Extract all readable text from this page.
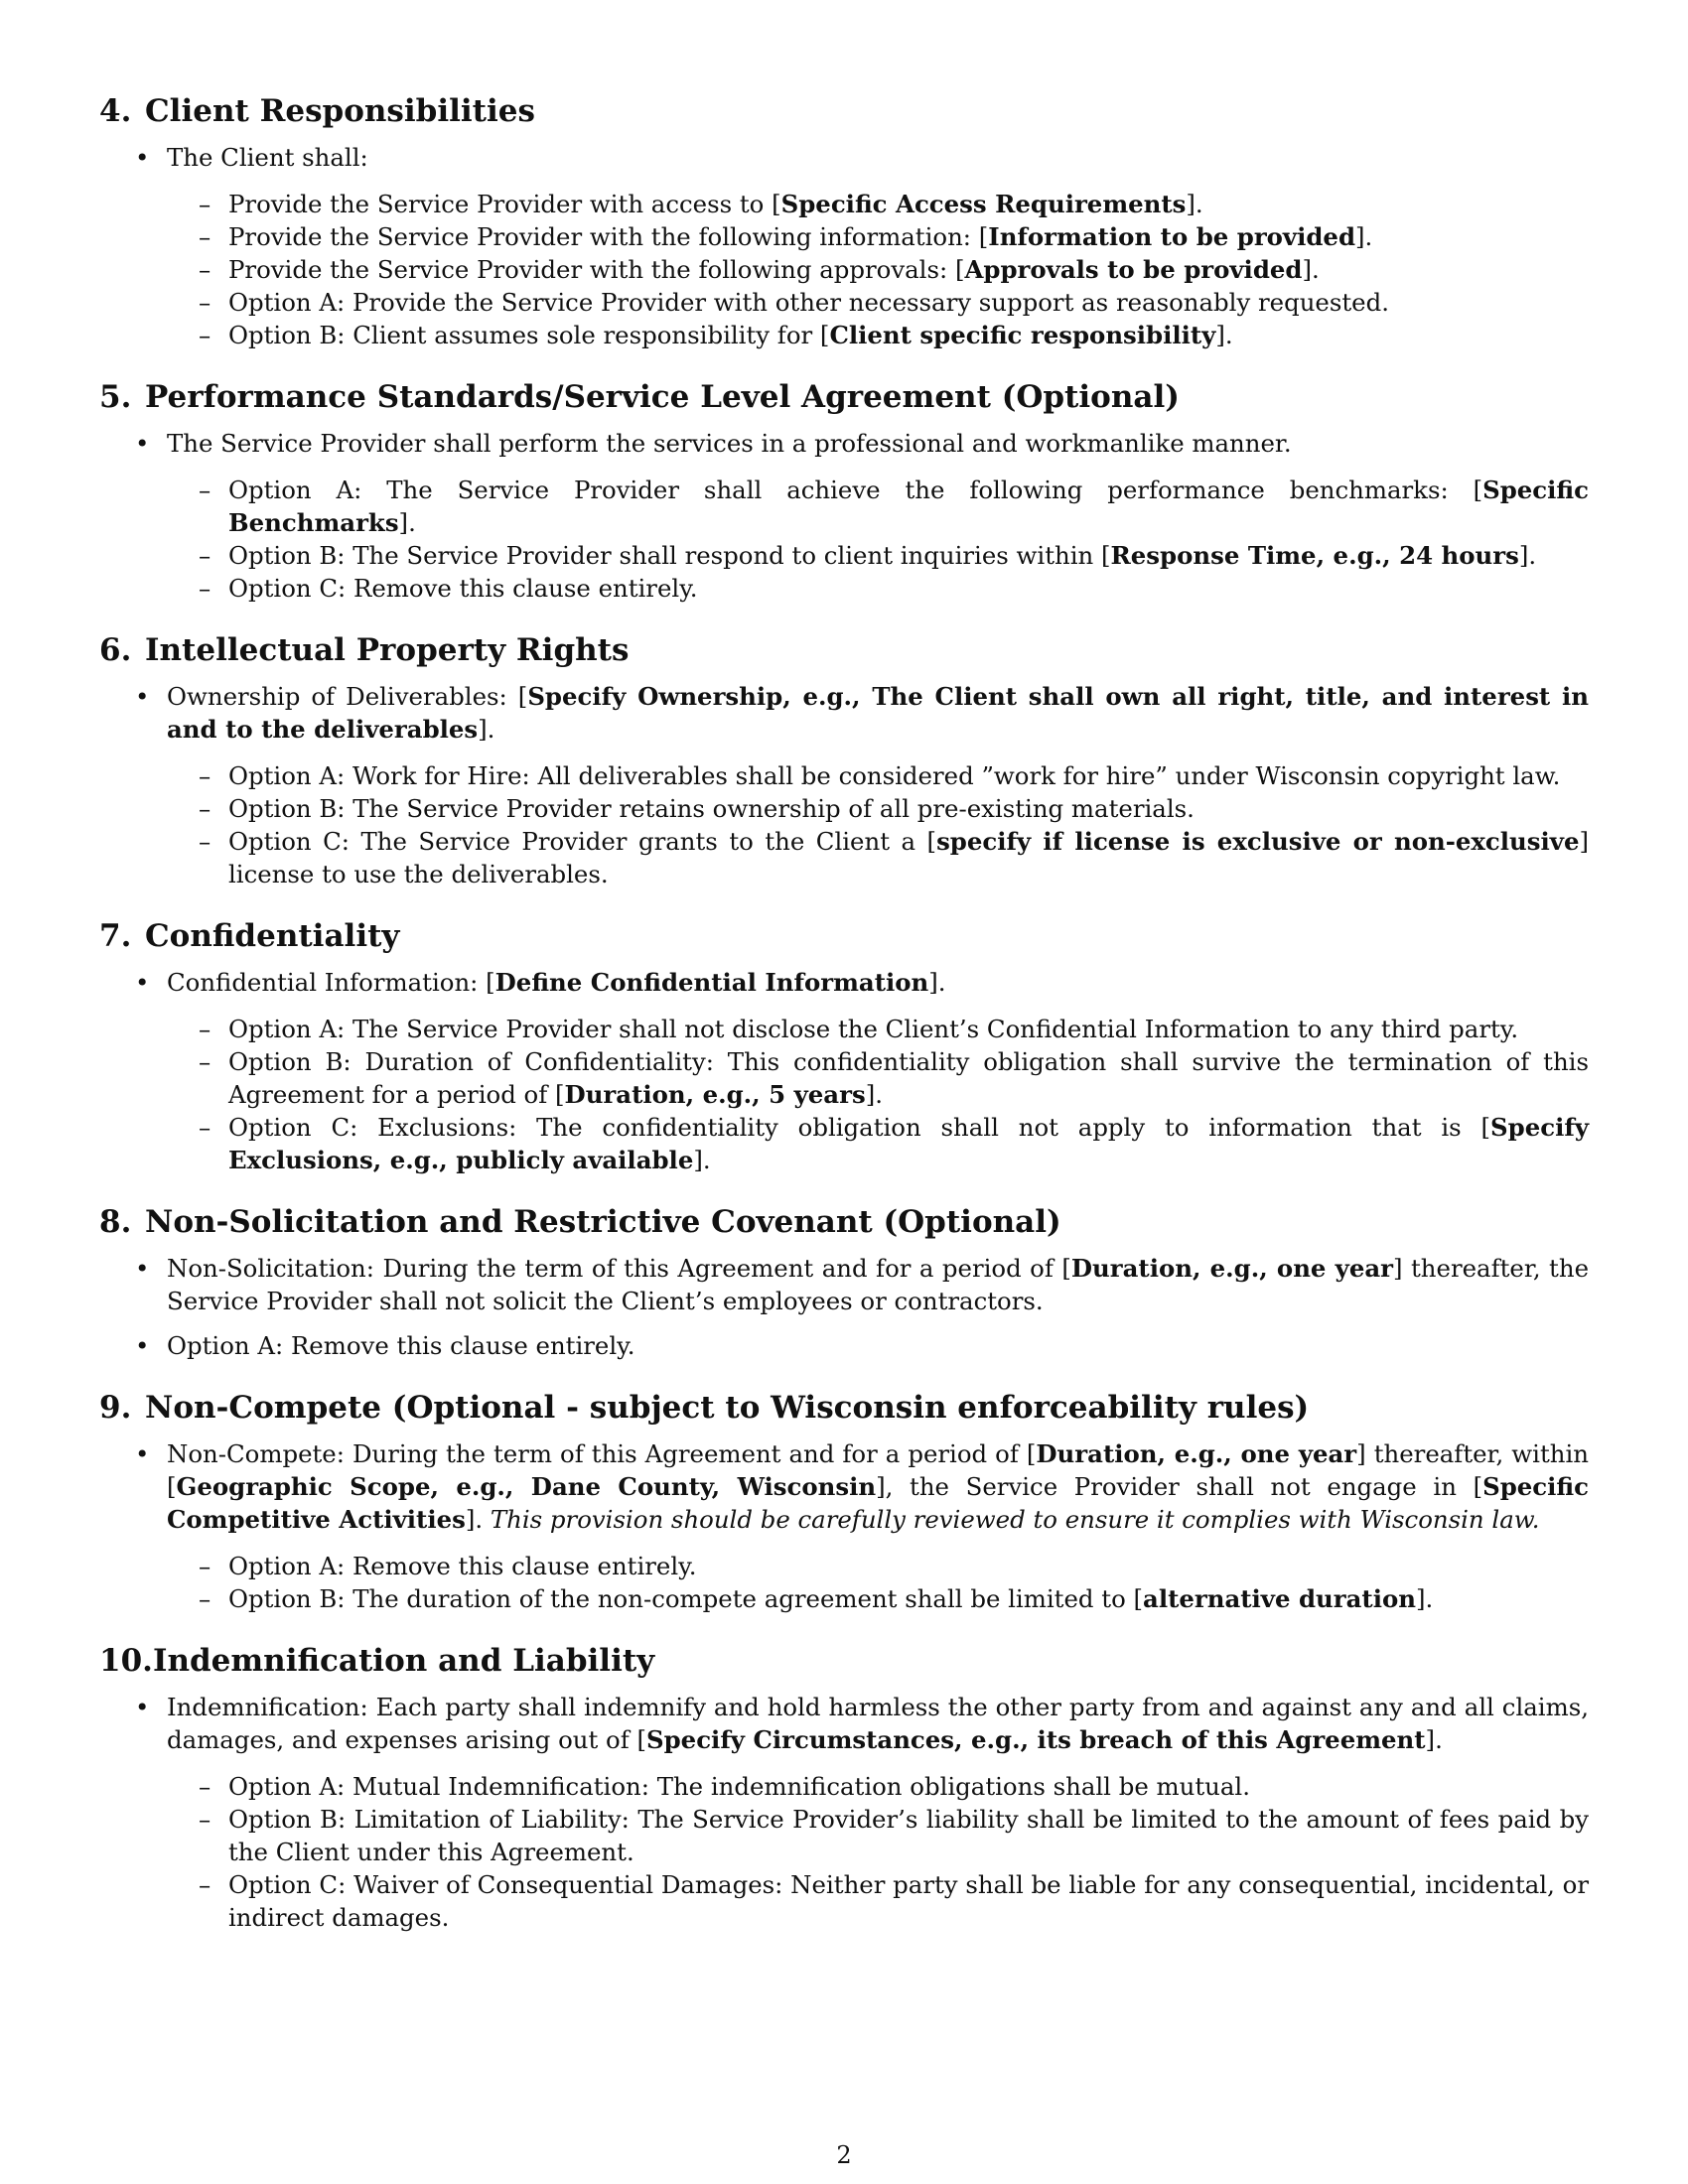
4. Client Responsibilities
• The Client shall:
– Provide the Service Provider with access to [Specific Access Requirements].
– Provide the Service Provider with the following information: [Information to be provided].
– Provide the Service Provider with the following approvals: [Approvals to be provided].
– Option A: Provide the Service Provider with other necessary support as reasonably requested.
– Option B: Client assumes sole responsibility for [Client specific responsibility].
5. Performance Standards/Service Level Agreement (Optional)
• The Service Provider shall perform the services in a professional and workmanlike manner.
– Option A: The Service Provider shall achieve the following performance benchmarks: [Specific Benchmarks].
– Option B: The Service Provider shall respond to client inquiries within [Response Time, e.g., 24 hours].
– Option C: Remove this clause entirely.
6. Intellectual Property Rights
• Ownership of Deliverables: [Specify Ownership, e.g., The Client shall own all right, title, and interest in and to the deliverables].
– Option A: Work for Hire: All deliverables shall be considered ”work for hire” under Wisconsin copyright law.
– Option B: The Service Provider retains ownership of all pre-existing materials.
– Option C: The Service Provider grants to the Client a [specify if license is exclusive or non-exclusive] license to use the deliverables.
7. Confidentiality
• Confidential Information: [Define Confidential Information].
– Option A: The Service Provider shall not disclose the Client’s Confidential Information to any third party.
– Option B: Duration of Confidentiality: This confidentiality obligation shall survive the termination of this Agreement for a period of [Duration, e.g., 5 years].
– Option C: Exclusions: The confidentiality obligation shall not apply to information that is [Specify Exclusions, e.g., publicly available].
8. Non-Solicitation and Restrictive Covenant (Optional)
• Non-Solicitation: During the term of this Agreement and for a period of [Duration, e.g., one year] thereafter, the Service Provider shall not solicit the Client’s employees or contractors.
• Option A: Remove this clause entirely.
9. Non-Compete (Optional - subject to Wisconsin enforceability rules)
• Non-Compete: During the term of this Agreement and for a period of [Duration, e.g., one year] thereafter, within [Geographic Scope, e.g., Dane County, Wisconsin], the Service Provider shall not engage in [Specific Competitive Activities]. This provision should be carefully reviewed to ensure it complies with Wisconsin law.
– Option A: Remove this clause entirely.
– Option B: The duration of the non-compete agreement shall be limited to [alternative duration].
10.Indemnification and Liability
• Indemnification: Each party shall indemnify and hold harmless the other party from and against any and all claims, damages, and expenses arising out of [Specify Circumstances, e.g., its breach of this Agreement].
– Option A: Mutual Indemnification: The indemnification obligations shall be mutual.
– Option B: Limitation of Liability: The Service Provider’s liability shall be limited to the amount of fees paid by the Client under this Agreement.
– Option C: Waiver of Consequential Damages: Neither party shall be liable for any consequential, incidental, or indirect damages.
2
